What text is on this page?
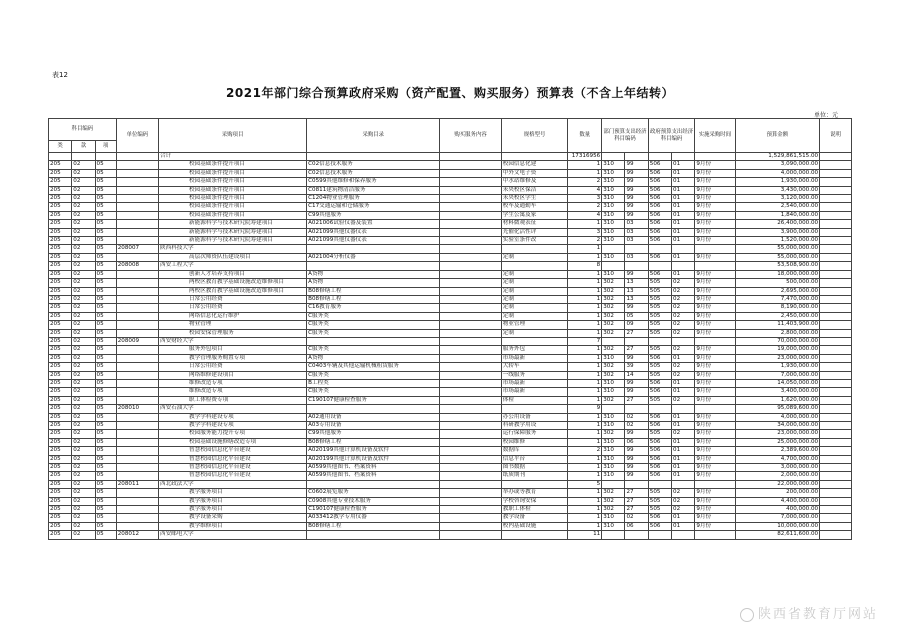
表12
2021年部门综合预算政府采购（资产配置、购买服务）预算表（不含上年结转）
单位：元
科目编码			单位编码	采购项目	采购目录	购买服务内容	规格型号	数量	部门预算支出经济科目编码		政府预算支出经济科目编码		实施采购时间	预算金额	说明
类	款	项													
				合计				17316956						1,529,861,515.00	
205	02	05		校园基础条件提升项目	C02信息技术服务		校园信息化建	1	310	99	506	01	9月份	3,090,000.00	
205	02	05		校园基础条件提升项目	C02信息技术服务		中外文电子资	1	310	99	506	01	9月份	4,000,000.00	
205	02	05		校园基础条件提升项目	C0599其他维修和保养服务		中水站维修及	2	310	99	506	01	9月份	1,930,000.00	
205	02	05		校园基础条件提升项目	C0811建筑物清洁服务		未央校区保洁	4	310	99	506	01	9月份	3,430,000.00	
205	02	05		校园基础条件提升项目	C1204物业管理服务		未央校区学生	3	310	99	506	01	9月份	3,120,000.00	
205	02	05		校园基础条件提升项目	C17交通运输和仓储服务		校车及通勤车	2	310	99	506	01	9月份	2,540,000.00	
205	02	05		校园基础条件提升项目	C99其他服务		学生公寓及家	4	310	99	506	01	9月份	1,840,000.00	
205	02	05		新能源科学与技术研究院筹建项目	A021006试验仪器及装置		材料微观表征	1	310	03	506	01	9月份	26,400,000.00	
205	02	05		新能源科学与技术研究院筹建项目	A021099其他仪器仪表		光催化活性评	3	310	03	506	01	9月份	3,900,000.00	
205	02	05		新能源科学与技术研究院筹建项目	A021099其他仪器仪表		实验室条件改	2	310	03	506	01	9月份	1,520,000.00	
205	02	05	208007	陕西科技大学				1						55,000,000.00	
205	02	05		高层次师资队伍建设项目	A021004分析仪器		定制	1	310	03	506	01	9月份	55,000,000.00	
205	02	05	208008	西安工程大学				8						53,508,900.00	
205	02	05		创新人才培养支持项目	A货物		定制	1	310	99	506	01	9月份	18,000,000.00	
205	02	05		两校区教育教学基础设施改造维修项目	A货物		定制	1	302	13	505	02	9月份	500,000.00	
205	02	05		两校区教育教学基础设施改造维修项目	B08修缮工程		定制	1	302	13	505	02	9月份	2,695,000.00	
205	02	05		日常公用经费	B08修缮工程		定制	1	302	13	505	02	9月份	7,470,000.00	
205	02	05		日常公用经费	C16教育服务		定制	1	302	99	505	02	9月份	8,190,000.00	
205	02	05		网络信息化运行维护	C服务类		定制	1	302	05	505	02	9月份	2,450,000.00	
205	02	05		物业管理	C服务类		物业管理	1	302	09	505	02	9月份	11,403,900.00	
205	02	05		校园安保管理服务	C服务类		定制	1	302	27	505	02	9月份	2,800,000.00	
205	02	05	208009	西安财经大学				7						70,000,000.00	
205	02	05		服务外包项目	C服务类		服务外包	1	302	27	505	02	9月份	19,000,000.00	
205	02	05		教学管理服务购置专项	A货物		市场最新	1	310	99	506	01	9月份	23,000,000.00	
205	02	05		日常公用经费	C0403车辆及其他运输机械租赁服务		大轿车	1	302	39	505	02	9月份	1,930,000.00	
205	02	05		网络维修建设项目	C服务类		一线服务	1	302	14	505	02	9月份	7,000,000.00	
205	02	05		维修改造专项	B工程类		市场最新	1	310	99	506	01	9月份	14,050,000.00	
205	02	05		维修改造专项	C服务类		市场最新	1	310	99	506	01	9月份	3,400,000.00	
205	02	05		职工体检费专项	C190107健康检查服务		体检	1	302	27	505	02	9月份	1,620,000.00	
205	02	05	208010	西安石油大学				9						95,089,600.00	
205	02	05		教学学科建设专项	A02通用设备		办公用设备	1	310	02	506	01	9月份	4,000,000.00	
205	02	05		教学学科建设专项	A03专用设备		科研教学用设	1	310	02	506	01	9月份	34,000,000.00	
205	02	05		校园服务能力提升专项	C99其他服务		运行保障服务	1	302	99	505	02	9月份	23,000,000.00	
205	02	05		校园基础设施修缮改造专项	B08修缮工程		校园维修	1	310	06	506	01	9月份	25,000,000.00	
205	02	05		智慧校园信息化平台建设	A020199其他计算机设备及软件		数据库	2	310	99	506	01	9月份	2,389,600.00	
205	02	05		智慧校园信息化平台建设	A020199其他计算机设备及软件		信息平台	1	310	99	506	01	9月份	4,700,000.00	
205	02	05		智慧校园信息化平台建设	A0599其他图书、档案资料		图书数据	1	310	99	506	01	9月份	3,000,000.00	
205	02	05		智慧校园信息化平台建设	A0599其他图书、档案资料		纸质期刊	1	310	99	506	01	9月份	2,000,000.00	
205	02	05	208011	西北政法大学				5						22,000,000.00	
205	02	05		教学服务项目	C0602展览服务		举办或等教育	1	302	27	505	02	9月份	200,000.00	
205	02	05		教学服务项目	C0908其他专业技术服务		学校咨询安保	1	302	27	505	02	9月份	4,400,000.00	
205	02	05		教学服务项目	C190107健康检查服务		教职工体检	1	302	27	505	02	9月份	400,000.00	
205	02	05		教学设备采购	A033412教学专用仪器		教学设备	1	310	02	506	01	9月份	7,000,000.00	
205	02	05		教学维修项目	B08修缮工程		校内基础设施	1	310	06	506	01	9月份	10,000,000.00	
205	02	05	208012	西安邮电大学				11						82,611,600.00	
陕西省教育厅网站
